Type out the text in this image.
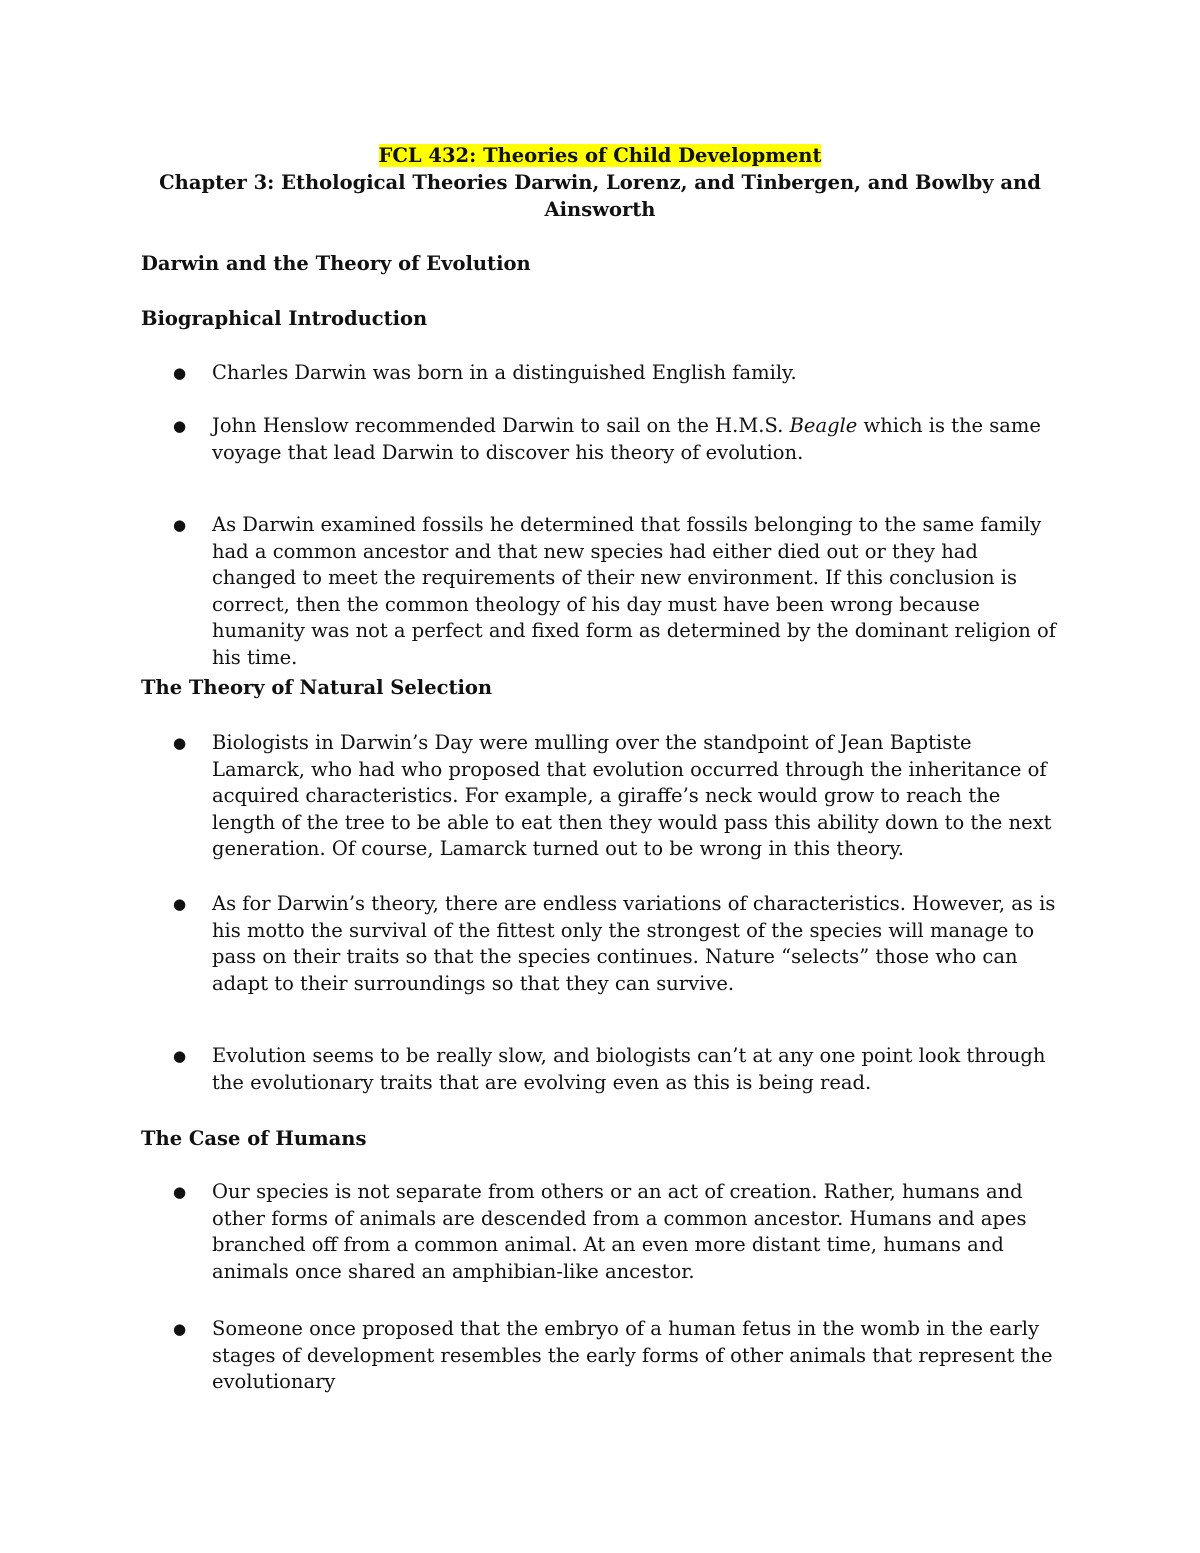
FCL 432: Theories of Child Development
Chapter 3: Ethological Theories Darwin, Lorenz, and Tinbergen, and Bowlby and Ainsworth
Darwin and the Theory of Evolution
Biographical Introduction
●	Charles Darwin was born in a distinguished English family.
●	John Henslow recommended Darwin to sail on the H.M.S. Beagle which is the same voyage that lead Darwin to discover his theory of evolution.
●	As Darwin examined fossils he determined that fossils belonging to the same family had a common ancestor and that new species had either died out or they had changed to meet the requirements of their new environment. If this conclusion is correct, then the common theology of his day must have been wrong because humanity was not a perfect and fixed form as determined by the dominant religion of his time.
The Theory of Natural Selection
●	Biologists in Darwin’s Day were mulling over the standpoint of Jean Baptiste Lamarck, who had who proposed that evolution occurred through the inheritance of acquired characteristics. For example, a giraffe’s neck would grow to reach the length of the tree to be able to eat then they would pass this ability down to the next generation. Of course, Lamarck turned out to be wrong in this theory.
●	As for Darwin’s theory, there are endless variations of characteristics. However, as is his motto the survival of the fittest only the strongest of the species will manage to pass on their traits so that the species continues. Nature “selects” those who can adapt to their surroundings so that they can survive.
●	Evolution seems to be really slow, and biologists can’t at any one point look through the evolutionary traits that are evolving even as this is being read.
The Case of Humans
●	Our species is not separate from others or an act of creation. Rather, humans and other forms of animals are descended from a common ancestor. Humans and apes branched off from a common animal. At an even more distant time, humans and animals once shared an amphibian-like ancestor.
●	Someone once proposed that the embryo of a human fetus in the womb in the early stages of development resembles the early forms of other animals that represent the evolutionary
